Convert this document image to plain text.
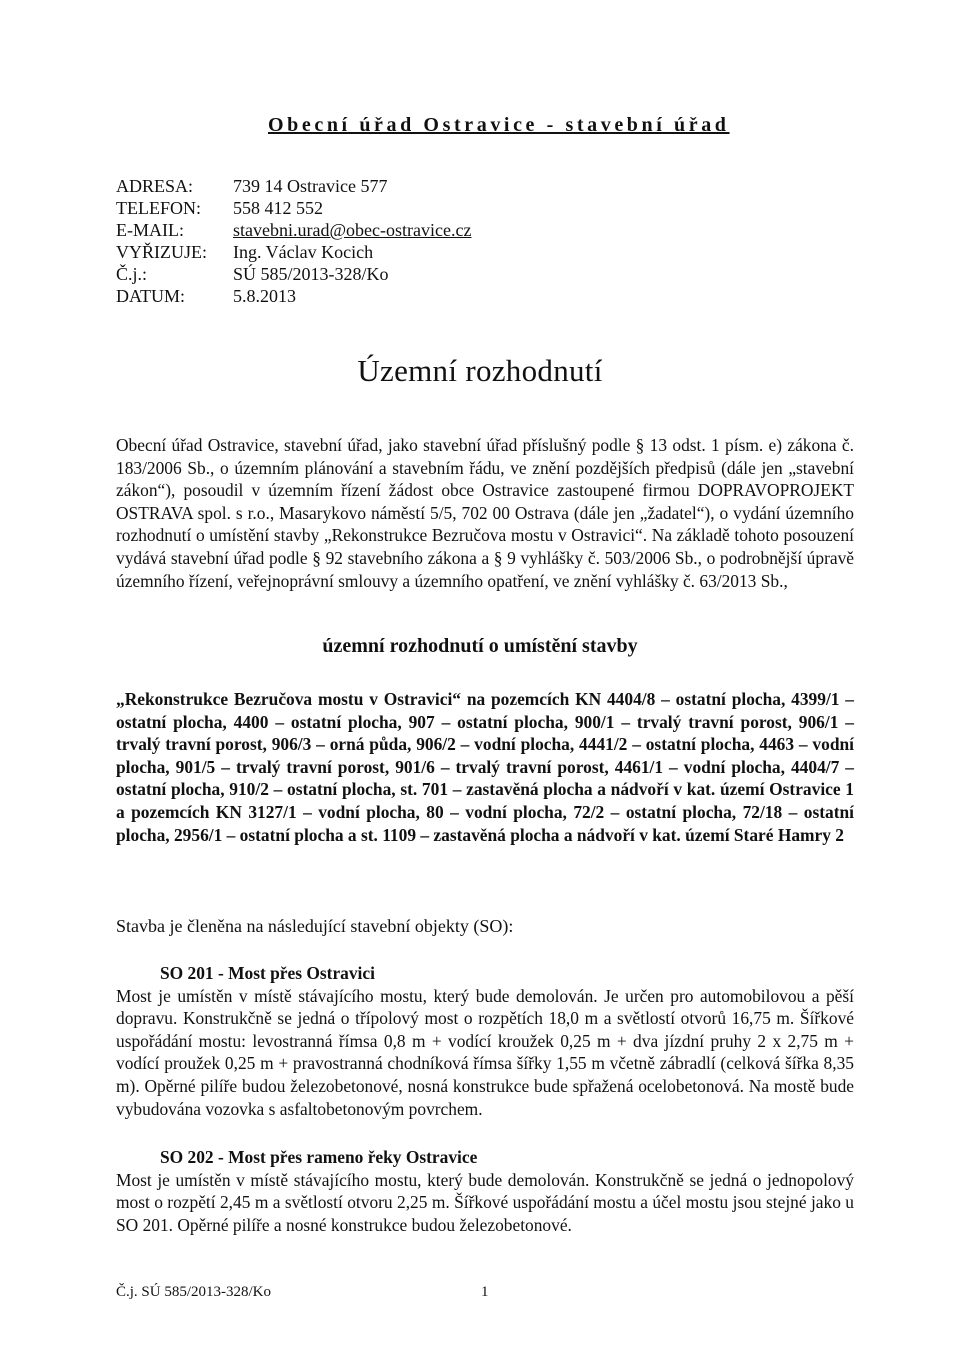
Obecní úřad Ostravice - stavební úřad
ADRESA:	739 14 Ostravice 577
TELEFON:	558 412 552
E-MAIL:	stavebni.urad@obec-ostravice.cz
VYŘIZUJE:	Ing. Václav Kocich
Č.j.:	SÚ 585/2013-328/Ko
DATUM:	5.8.2013
Územní rozhodnutí

Obecní úřad Ostravice, stavební úřad, jako stavební úřad příslušný podle § 13 odst. 1 písm. e) zákona č. 183/2006 Sb., o územním plánování a stavebním řádu, ve znění pozdějších předpisů (dále jen „stavební zákon“), posoudil v územním řízení žádost obce Ostravice zastoupené firmou DOPRAVOPROJEKT OSTRAVA spol. s r.o., Masarykovo náměstí 5/5, 702 00 Ostrava (dále jen „žadatel“), o vydání územního rozhodnutí o umístění stavby „Rekonstrukce Bezručova mostu v Ostravici“. Na základě tohoto posouzení vydává stavební úřad podle § 92 stavebního zákona a § 9 vyhlášky č. 503/2006 Sb., o podrobnější úpravě územního řízení, veřejnoprávní smlouvy a územního opatření, ve znění vyhlášky č. 63/2013 Sb.,

územní rozhodnutí o umístění stavby

„Rekonstrukce Bezručova mostu v Ostravici“ na pozemcích KN 4404/8 – ostatní plocha, 4399/1 – ostatní plocha, 4400 – ostatní plocha, 907 – ostatní plocha, 900/1 – trvalý travní porost, 906/1 – trvalý travní porost, 906/3 – orná půda, 906/2 – vodní plocha, 4441/2 – ostatní plocha, 4463 – vodní plocha, 901/5 – trvalý travní porost, 901/6 – trvalý travní porost, 4461/1 – vodní plocha, 4404/7 – ostatní plocha, 910/2 – ostatní plocha, st. 701 – zastavěná plocha a nádvoří v kat. území Ostravice 1 a pozemcích KN 3127/1 – vodní plocha, 80 – vodní plocha, 72/2 – ostatní plocha, 72/18 – ostatní plocha, 2956/1 – ostatní plocha a st. 1109 – zastavěná plocha a nádvoří v kat. území Staré Hamry 2

Stavba je členěna na následující stavební objekty (SO):

SO 201 - Most přes Ostravici

Most je umístěn v místě stávajícího mostu, který bude demolován. Je určen pro automobilovou a pěší dopravu. Konstrukčně se jedná o třípolový most o rozpětích 18,0 m a světlostí otvorů 16,75 m. Šířkové uspořádání mostu: levostranná římsa 0,8 m + vodící kroužek 0,25 m + dva jízdní pruhy 2 x 2,75 m + vodící proužek 0,25 m + pravostranná chodníková římsa šířky 1,55 m včetně zábradlí (celková šířka 8,35 m). Opěrné pilíře budou železobetonové, nosná konstrukce bude spřažená ocelobetonová. Na mostě bude vybudována vozovka s asfaltobetonovým povrchem.

SO 202 - Most přes rameno řeky Ostravice

Most je umístěn v místě stávajícího mostu, který bude demolován. Konstrukčně se jedná o jednopolový most o rozpětí 2,45 m a světlostí otvoru 2,25 m. Šířkové uspořádání mostu a účel mostu jsou stejné jako u SO 201. Opěrné pilíře a nosné konstrukce budou železobetonové.

Č.j. SÚ 585/2013-328/Ko	1
